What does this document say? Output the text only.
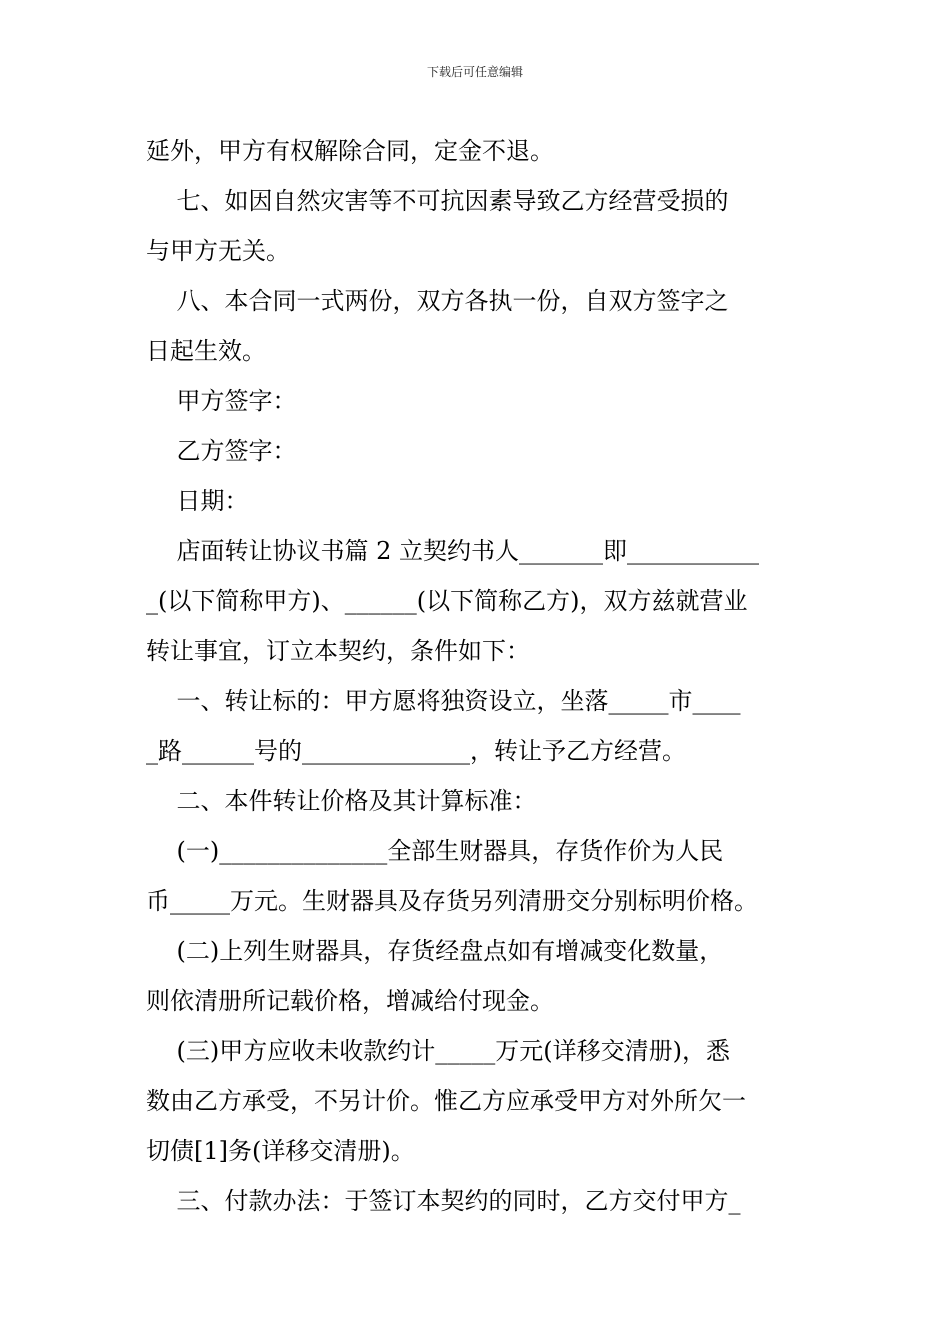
下载后可任意编辑
延外，甲方有权解除合同，定金不退。
七、如因自然灾害等不可抗因素导致乙方经营受损的
与甲方无关。
八、本合同一式两份，双方各执一份，自双方签字之
日起生效。
甲方签字：
乙方签字：
日期：
店面转让协议书篇 2 立契约书人_______即___________
_(以下简称甲方)、______(以下简称乙方)，双方兹就营业
转让事宜，订立本契约，条件如下：
一、转让标的：甲方愿将独资设立，坐落_____市____
_路______号的______________，转让予乙方经营。
二、本件转让价格及其计算标准：
(一)______________全部生财器具，存货作价为人民
币_____万元。生财器具及存货另列清册交分别标明价格。
(二)上列生财器具，存货经盘点如有增减变化数量，
则依清册所记载价格，增减给付现金。
(三)甲方应收未收款约计_____万元(详移交清册)，悉
数由乙方承受，不另计价。惟乙方应承受甲方对外所欠一
切债[1]务(详移交清册)。
三、付款办法：于签订本契约的同时，乙方交付甲方_
